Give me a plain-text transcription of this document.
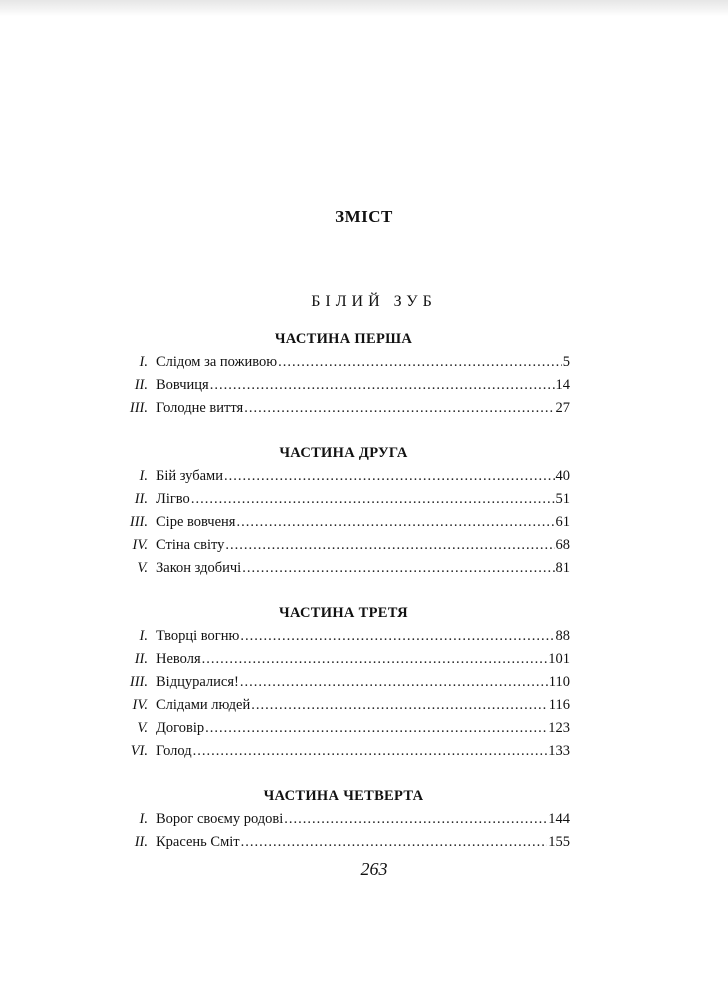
ЗМІСТ
БІЛИЙ ЗУБ
ЧАСТИНА ПЕРША
I. Слідом за поживою .....	5
II. Вовчиця .....	14
III. Голодне виття .....	27
ЧАСТИНА ДРУГА
I. Бій зубами .....	40
II. Лігво .....	51
III. Сіре вовченя .....	61
IV. Стіна світу .....	68
V. Закон здобичі .....	81
ЧАСТИНА ТРЕТЯ
I. Творці вогню .....	88
II. Неволя .....	101
III. Відцуралися! .....	110
IV. Слідами людей .....	116
V. Договір .....	123
VI. Голод .....	133
ЧАСТИНА ЧЕТВЕРТА
I. Ворог своєму родові .....	144
II. Красень Сміт .....	155

263
